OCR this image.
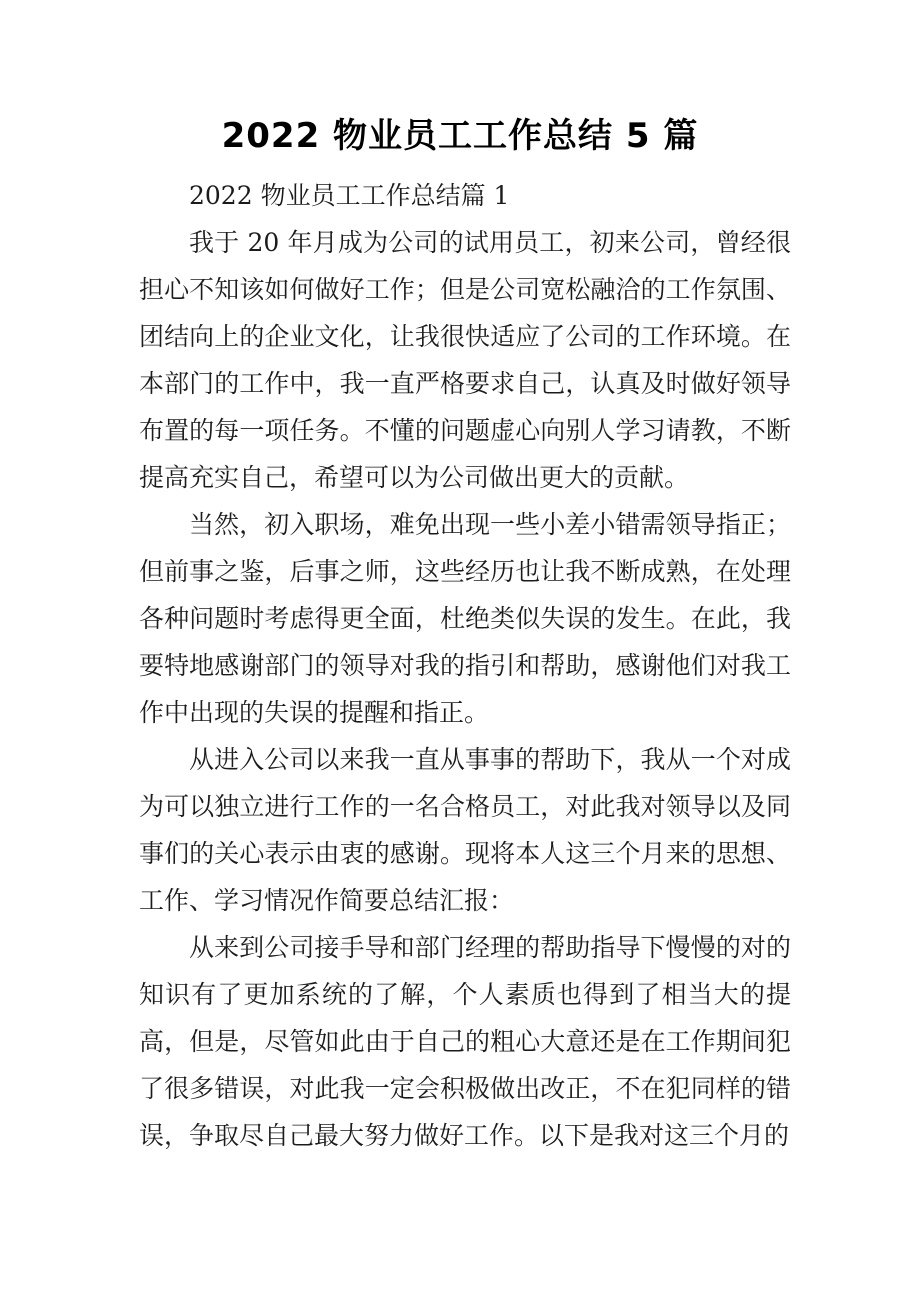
2022 物业员工工作总结 5 篇

2022 物业员工工作总结篇 1

我于 20 年月成为公司的试用员工，初来公司，曾经很担心不知该如何做好工作；但是公司宽松融洽的工作氛围、团结向上的企业文化，让我很快适应了公司的工作环境。在本部门的工作中，我一直严格要求自己，认真及时做好领导布置的每一项任务。不懂的问题虚心向别人学习请教，不断提高充实自己，希望可以为公司做出更大的贡献。

当然，初入职场，难免出现一些小差小错需领导指正；但前事之鉴，后事之师，这些经历也让我不断成熟，在处理各种问题时考虑得更全面，杜绝类似失误的发生。在此，我要特地感谢部门的领导对我的指引和帮助，感谢他们对我工作中出现的失误的提醒和指正。

从进入公司以来我一直从事事的帮助下，我从一个对成为可以独立进行工作的一名合格员工，对此我对领导以及同事们的关心表示由衷的感谢。现将本人这三个月来的思想、工作、学习情况作简要总结汇报：

从来到公司接手导和部门经理的帮助指导下慢慢的对的知识有了更加系统的了解，个人素质也得到了相当大的提高，但是，尽管如此由于自己的粗心大意还是在工作期间犯了很多错误，对此我一定会积极做出改正，不在犯同样的错误，争取尽自己最大努力做好工作。以下是我对这三个月的
